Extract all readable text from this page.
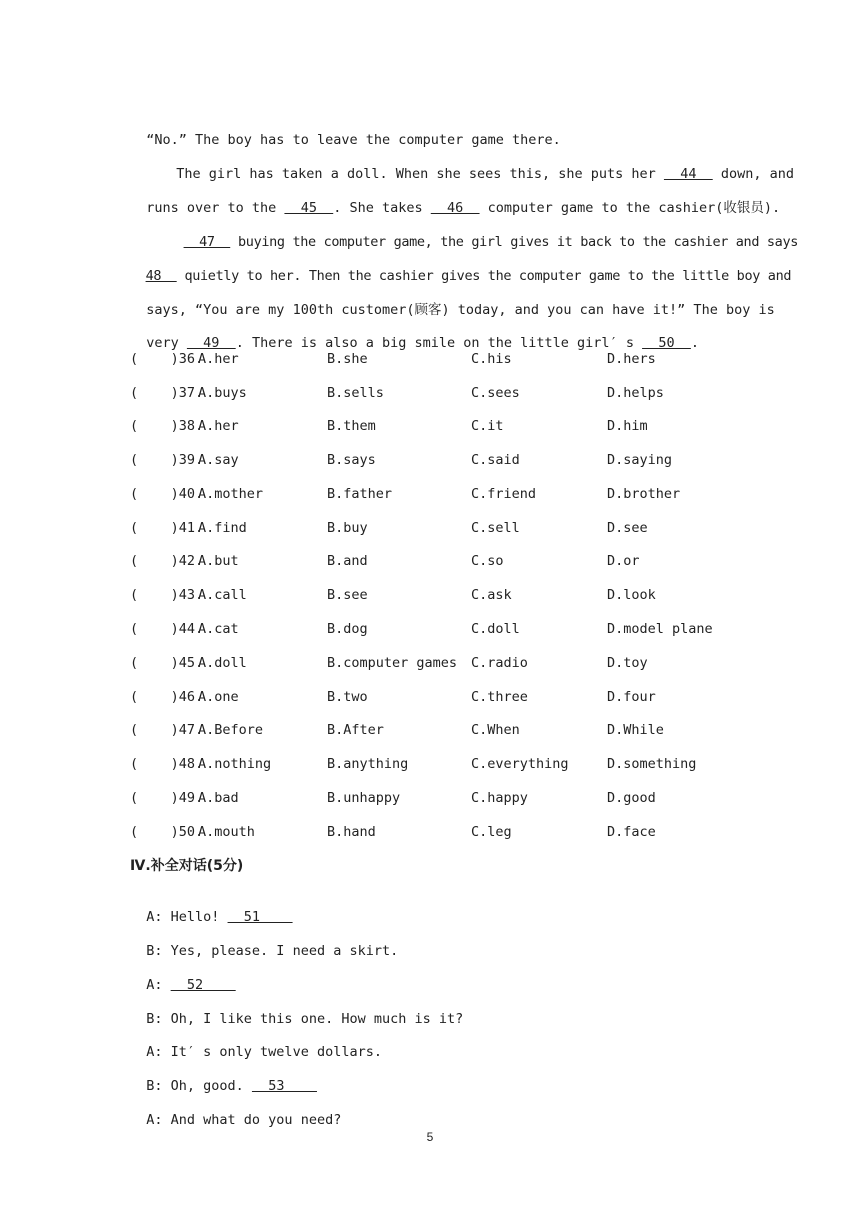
“No.” The boy has to leave the computer game there.

The girl has taken a doll. When she sees this, she puts her   44   down, and

runs over to the   45  . She takes   46   computer game to the cashier(收银员).

47   buying the computer game, the girl gives it back to the cashier and says

48   quietly to her. Then the cashier gives the computer game to the little boy and

says, “You are my 100th customer(顾客) today, and you can have it!” The boy is

very   49  . There is also a big smile on the little girl′ s   50  .

(    )36.
A.her	B.she	C.his	D.hers
(    )37.
A.buys	B.sells	C.sees	D.helps
(    )38.
A.her	B.them	C.it	D.him
(    )39.
A.say	B.says	C.said	D.saying
(    )40.
A.mother	B.father	C.friend	D.brother
(    )41.
A.find	B.buy	C.sell	D.see
(    )42.
A.but	B.and	C.so	D.or
(    )43.
A.call	B.see	C.ask	D.look
(    )44.
A.cat	B.dog	C.doll	D.model plane
(    )45.
A.doll	B.computer games C.radio	D.toy
(    )46.
A.one	B.two	C.three	D.four
(    )47.
A.Before	B.After	C.When	D.While
(    )48.
A.nothing	B.anything	C.everything	D.something
(    )49.
A.bad	B.unhappy	C.happy	D.good
(    )50.
A.mouth	B.hand	C.leg	D.face
Ⅳ.补全对话(5分)

A: Hello!   51

B: Yes, please. I need a skirt.

A:   52

B: Oh, I like this one. How much is it?

A: It′ s only twelve dollars.

B: Oh, good.   53

A: And what do you need?

5
